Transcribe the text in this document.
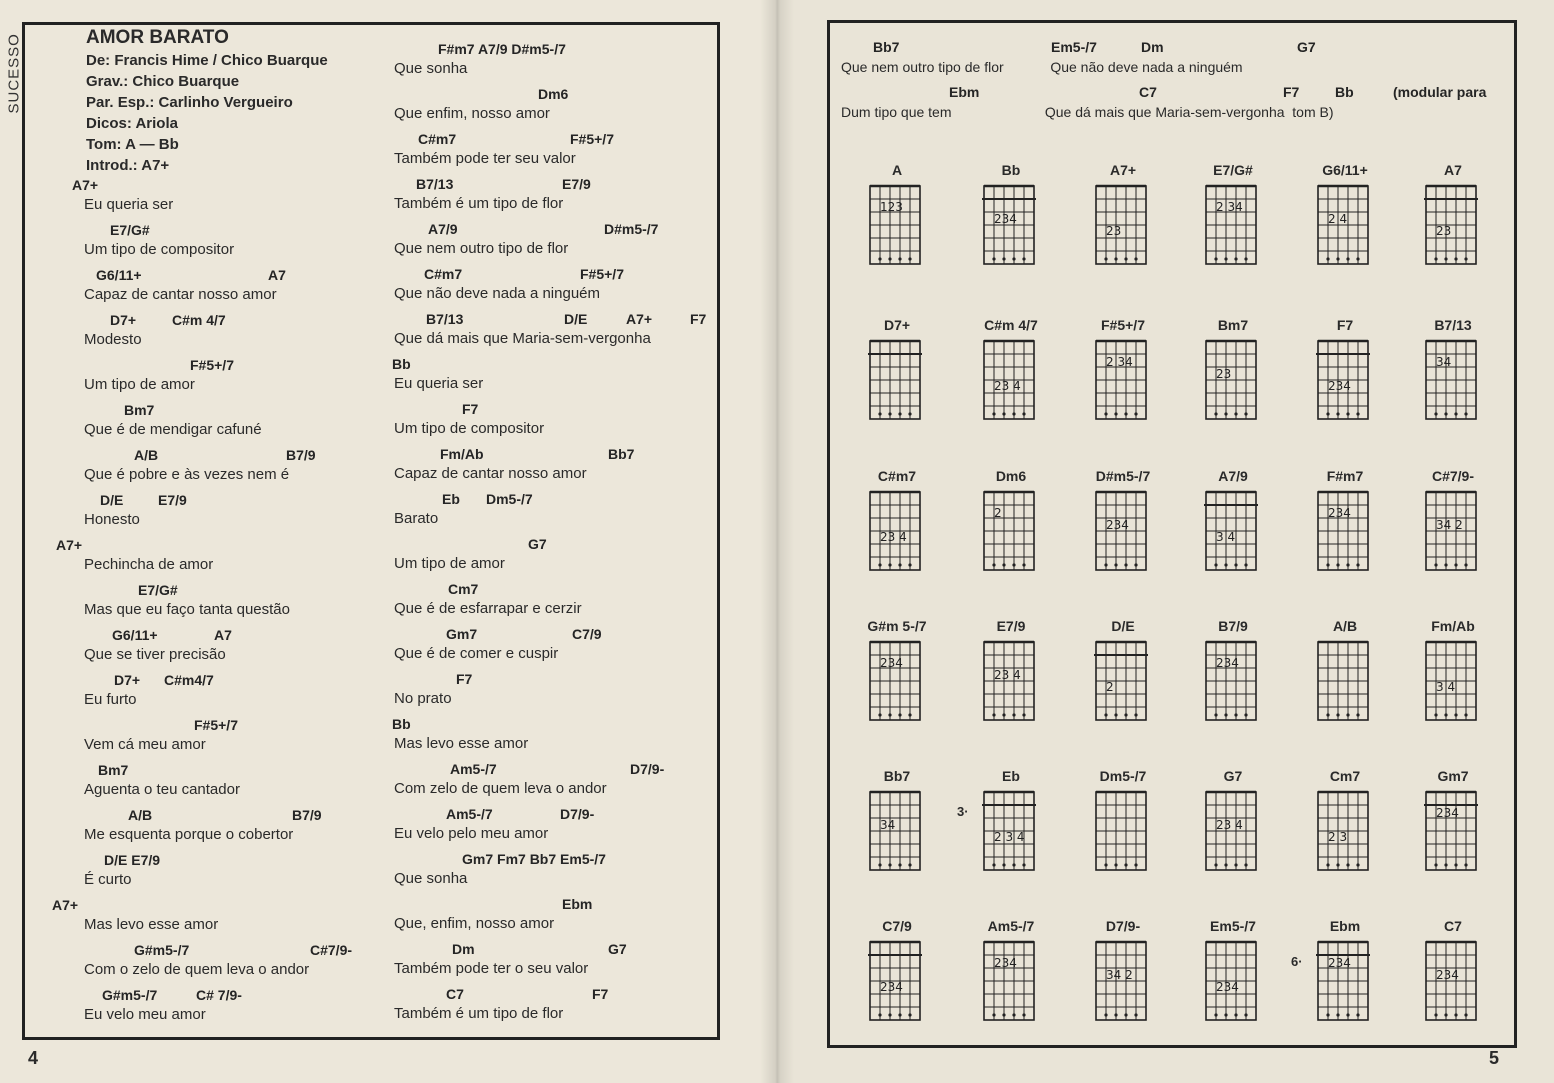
SUCESSO	AMOR BARATO
De: Francis Hime / Chico Buarque
Grav.: Chico Buarque
Par. Esp.: Carlinho Vergueiro
Dicos: Ariola
Tom: A — Bb
Introd.: A7+
A7+
Eu queria ser
E7/G#
Um tipo de compositor
G6/11+	A7
Capaz de cantar nosso amor
D7+	C#m 4/7
Modesto
F#5+/7
Um tipo de amor
Bm7
Que é de mendigar cafuné
A/B	B7/9
Que é pobre e às vezes nem é
D/E E7/9
Honesto
A7+
Pechincha de amor
E7/G#
Mas que eu faço tanta questão
G6/11+	A7
Que se tiver precisão
D7+ C#m4/7
Eu furto
F#5+/7
Vem cá meu amor
Bm7
Aguenta o teu cantador
A/B	B7/9
Me esquenta porque o cobertor
D/E E7/9
É curto
A7+
Mas levo esse amor
G#m5-/7	C#7/9-
Com o zelo de quem leva o andor
G#m5-/7	C# 7/9-
Eu velo meu amor
F#m7 A7/9 D#m5-/7
Que sonha
Dm6
Que enfim, nosso amor
C#m7	F#5+/7
Também pode ter seu valor
B7/13	E7/9
Também é um tipo de flor
A7/9	D#m5-/7
Que nem outro tipo de flor
C#m7	F#5+/7
Que não deve nada a ninguém
B7/13	D/E	A7+	F7
Que dá mais que Maria-sem-vergonha
Bb
Eu queria ser
F7
Um tipo de compositor
Fm/Ab	Bb7
Capaz de cantar nosso amor
Eb Dm5-/7
Barato
G7
Um tipo de amor
Cm7
Que é de esfarrapar e cerzir
Gm7	C7/9
Que é de comer e cuspir
F7
No prato
Bb
Mas levo esse amor
Am5-/7	D7/9-
Com zelo de quem leva o andor
Am5-/7	D7/9-
Eu velo pelo meu amor
Gm7 Fm7 Bb7 Em5-/7
Que sonha
Ebm
Que, enfim, nosso amor
Dm	G7
Também pode ter o seu valor
C7	F7
Também é um tipo de flor
4
Bb7	Em5-/7	Dm	G7
Que nem outro tipo de flor            Que não deve nada a ninguém
Ebm	C7	F7	Bb	(modular para
Dum tipo que tem                        Que dá mais que Maria-sem-vergonha  tom B)
A
123
Bb
234
A7+
23
E7/G#
2 34
G6/11+
2 4
A7
23
D7+	C#m 4/7
23 4
F#5+/7
2 34
Bm7
23
F7
234
B7/13
34
C#m7
23 4
Dm6
2
D#m5-/7
234
A7/9
3 4
F#m7
234
C#7/9-
34 2
G#m 5-/7
234
E7/9
23 4
D/E
2
B7/9
234
A/B	Fm/Ab
3 4
Bb7
34
Eb
2 3 4
3·
Dm5-/7	G7
23 4
Cm7
2 3
Gm7
234
C7/9
234
Am5-/7
234
D7/9-
34 2
Em5-/7
234
Ebm
234
6·
C7
234
5
